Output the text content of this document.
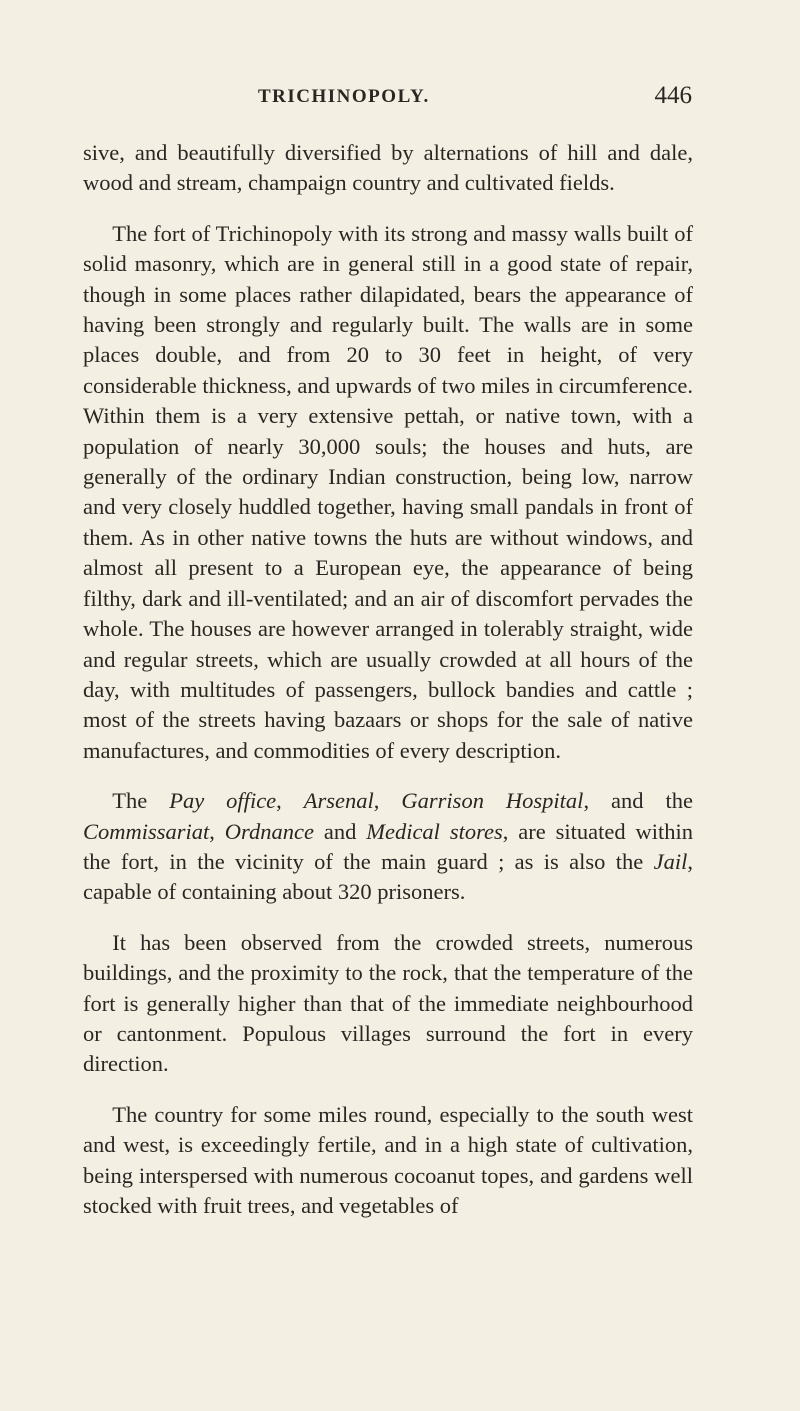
TRICHINOPOLY.	446

sive, and beautifully diversified by alternations of hill and dale, wood and stream, champaign country and cultivated fields.

The fort of Trichinopoly with its strong and massy walls built of solid masonry, which are in general still in a good state of repair, though in some places rather dilapidated, bears the appearance of having been strongly and regularly built. The walls are in some places double, and from 20 to 30 feet in height, of very considerable thickness, and upwards of two miles in circumference. Within them is a very extensive pettah, or native town, with a population of nearly 30,000 souls; the houses and huts, are generally of the ordinary Indian construction, being low, narrow and very closely huddled together, having small pandals in front of them. As in other native towns the huts are without windows, and almost all present to a European eye, the appearance of being filthy, dark and ill-ventilated; and an air of discomfort pervades the whole. The houses are however arranged in tolerably straight, wide and regular streets, which are usually crowded at all hours of the day, with multitudes of passengers, bullock bandies and cattle ; most of the streets having bazaars or shops for the sale of native manufactures, and commodities of every description.

The Pay office, Arsenal, Garrison Hospital, and the Commissariat, Ordnance and Medical stores, are situated within the fort, in the vicinity of the main guard ; as is also the Jail, capable of containing about 320 prisoners.

It has been observed from the crowded streets, numerous buildings, and the proximity to the rock, that the temperature of the fort is generally higher than that of the immediate neighbourhood or cantonment. Populous villages surround the fort in every direction.

The country for some miles round, especially to the south west and west, is exceedingly fertile, and in a high state of cultivation, being interspersed with numerous cocoanut topes, and gardens well stocked with fruit trees, and vegetables of
